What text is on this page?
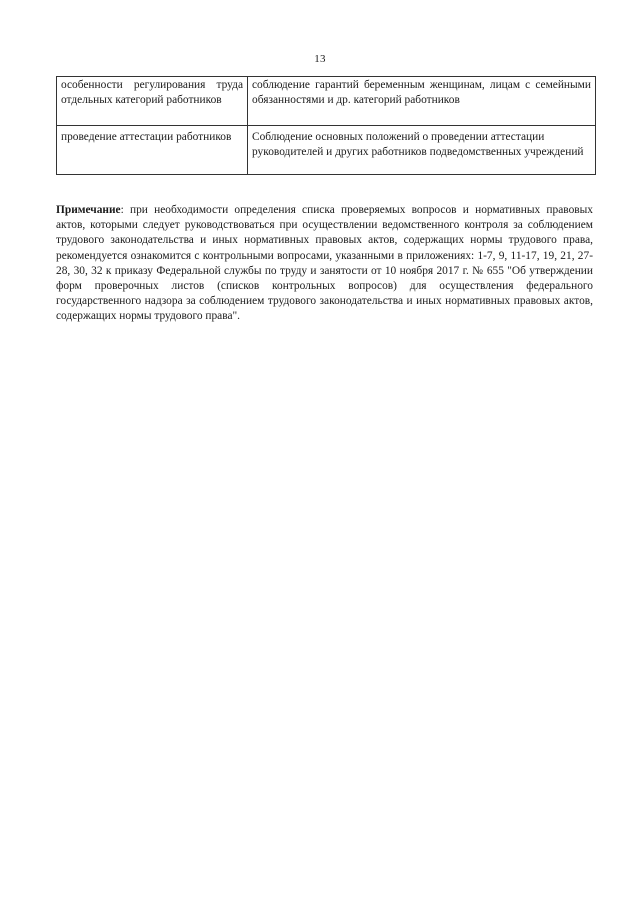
13
особенности регулирования труда отдельных категорий работников	соблюдение гарантий беременным женщинам, лицам с семейными обязанностями и др. категорий работников
проведение аттестации работников	Соблюдение основных положений о проведении аттестации руководителей и других работников подведомственных учреждений

Примечание: при необходимости определения списка проверяемых вопросов и нормативных правовых актов, которыми следует руководствоваться при осуществлении ведомственного контроля за соблюдением трудового законодательства и иных нормативных правовых актов, содержащих нормы трудового права, рекомендуется ознакомится с контрольными вопросами, указанными в приложениях: 1-7, 9, 11-17, 19, 21, 27-28, 30, 32 к приказу Федеральной службы по труду и занятости от 10 ноября 2017 г. № 655 "Об утверждении форм проверочных листов (списков контрольных вопросов) для осуществления федерального государственного надзора за соблюдением трудового законодательства и иных нормативных правовых актов, содержащих нормы трудового права".
